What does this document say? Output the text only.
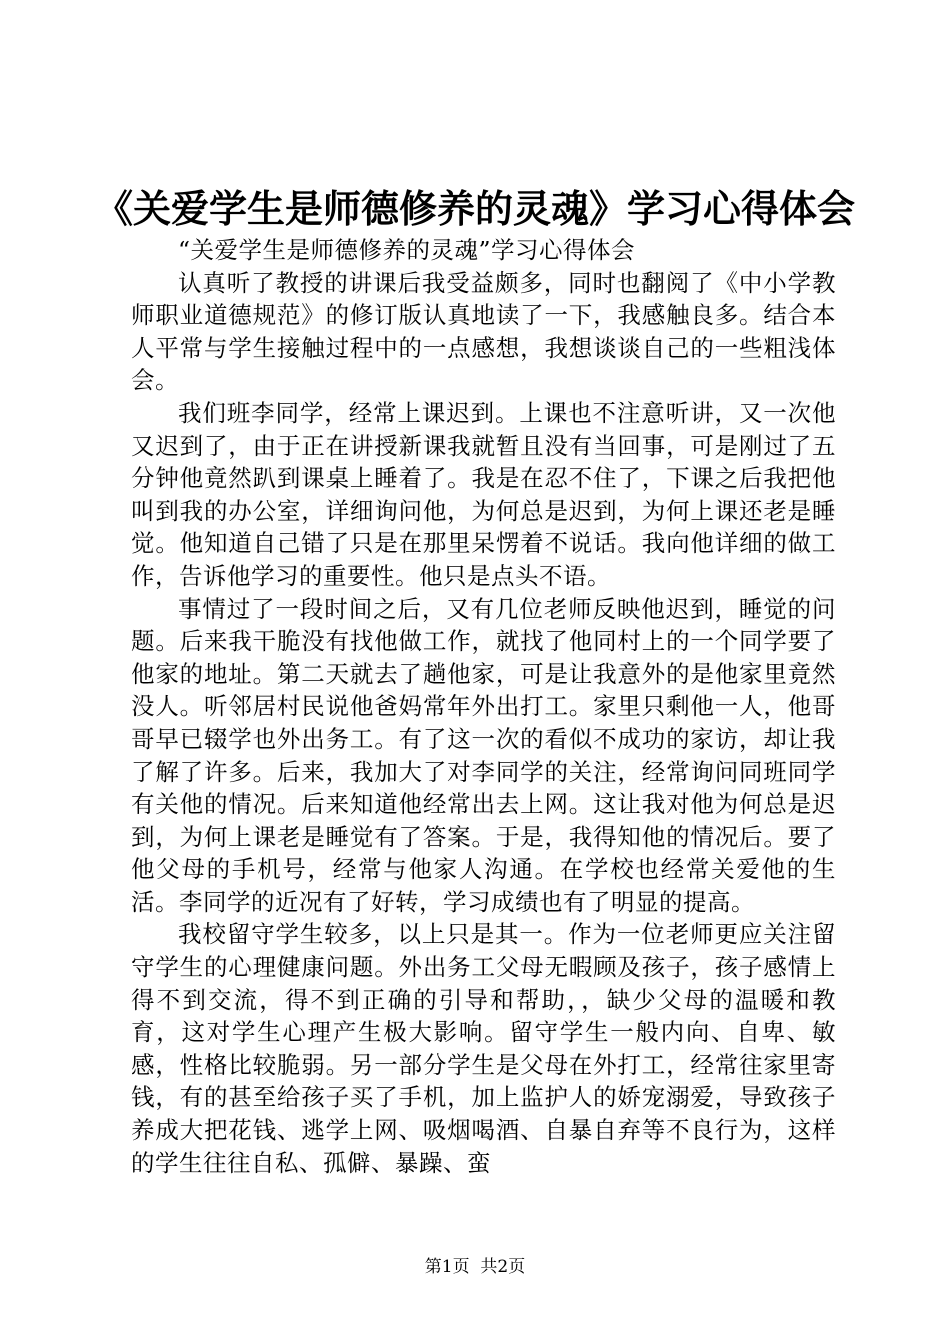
《关爱学生是师德修养的灵魂》学习心得体会

“关爱学生是师德修养的灵魂”学习心得体会

认真听了教授的讲课后我受益颇多，同时也翻阅了《中小学教师职业道德规范》的修订版认真地读了一下，我感触良多。结合本人平常与学生接触过程中的一点感想，我想谈谈自己的一些粗浅体会。

我们班李同学，经常上课迟到。上课也不注意听讲，又一次他又迟到了，由于正在讲授新课我就暂且没有当回事，可是刚过了五分钟他竟然趴到课桌上睡着了。我是在忍不住了，下课之后我把他叫到我的办公室，详细询问他，为何总是迟到，为何上课还老是睡觉。他知道自己错了只是在那里呆愣着不说话。我向他详细的做工作，告诉他学习的重要性。他只是点头不语。

事情过了一段时间之后，又有几位老师反映他迟到，睡觉的问题。后来我干脆没有找他做工作，就找了他同村上的一个同学要了他家的地址。第二天就去了趟他家，可是让我意外的是他家里竟然没人。听邻居村民说他爸妈常年外出打工。家里只剩他一人，他哥哥早已辍学也外出务工。有了这一次的看似不成功的家访，却让我了解了许多。后来，我加大了对李同学的关注，经常询问同班同学有关他的情况。后来知道他经常出去上网。这让我对他为何总是迟到，为何上课老是睡觉有了答案。于是，我得知他的情况后。要了他父母的手机号，经常与他家人沟通。在学校也经常关爱他的生活。李同学的近况有了好转，学习成绩也有了明显的提高。

我校留守学生较多，以上只是其一。作为一位老师更应关注留守学生的心理健康问题。外出务工父母无暇顾及孩子，孩子感情上得不到交流，得不到正确的引导和帮助，，缺少父母的温暖和教育，这对学生心理产生极大影响。留守学生一般内向、自卑、敏感，性格比较脆弱。另一部分学生是父母在外打工，经常往家里寄钱，有的甚至给孩子买了手机，加上监护人的娇宠溺爱，导致孩子养成大把花钱、逃学上网、吸烟喝酒、自暴自弃等不良行为，这样的学生往往自私、孤僻、暴躁、蛮

第1页  共2页
